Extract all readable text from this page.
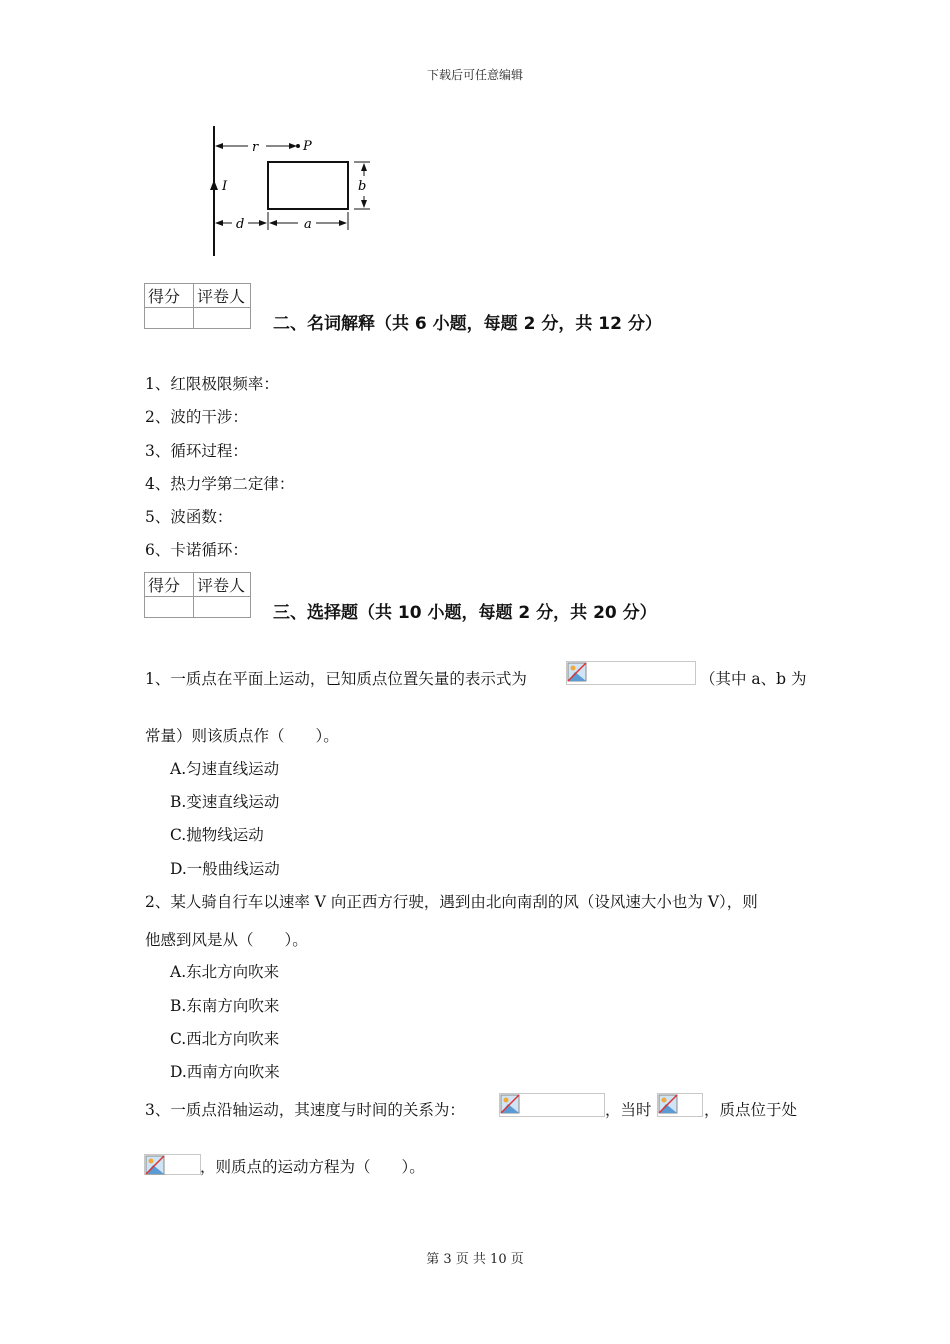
下载后可任意编辑
r	P
I	b
d	a
得分	评卷人

二、名词解释（共 6 小题，每题 2 分，共 12 分）
1、红限极限频率：
2、波的干涉：
3、循环过程：
4、热力学第二定律：
5、波函数：
6、卡诺循环：
得分	评卷人

三、选择题（共 10 小题，每题 2 分，共 20 分）
1、一质点在平面上运动，已知质点位置矢量的表示式为	（其中 a、b 为
常量）则该质点作（　　）。
A.匀速直线运动
B.变速直线运动
C.抛物线运动
D.一般曲线运动
2、某人骑自行车以速率 V 向正西方行驶，遇到由北向南刮的风（设风速大小也为 V），则
他感到风是从（　　）。
A.东北方向吹来
B.东南方向吹来
C.西北方向吹来
D.西南方向吹来
3、一质点沿轴运动，其速度与时间的关系为：	，当时	，质点位于处
，则质点的运动方程为（　　）。
第 3 页 共 10 页
